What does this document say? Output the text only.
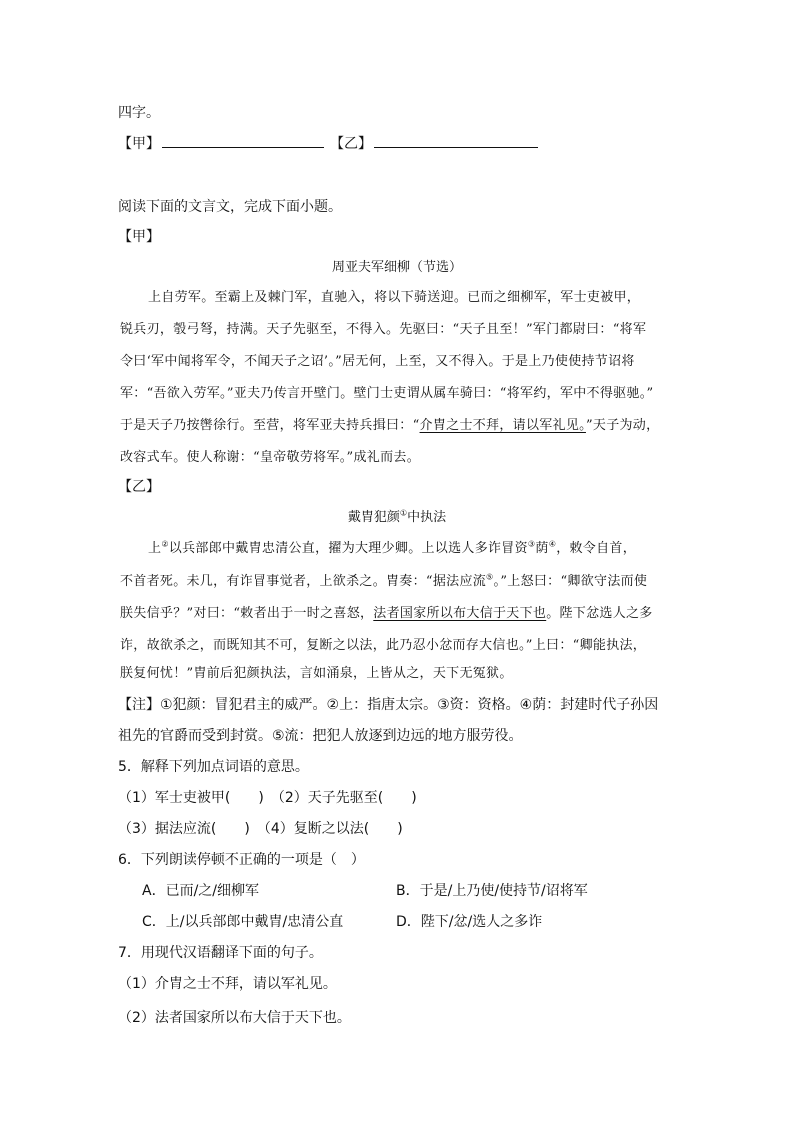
四字。
【甲】	【乙】
阅读下面的文言文，完成下面小题。
【甲】
周亚夫军细柳（节选）
上自劳军。至霸上及棘门军，直驰入，将以下骑送迎。已而之细柳军，军士吏被甲，
锐兵刃，彀弓弩，持满。天子先驱至，不得入。先驱曰：“天子且至！”军门都尉曰：“将军
令曰‘军中闻将军令，不闻天子之诏’。”居无何，上至，又不得入。于是上乃使使持节诏将
军：“吾欲入劳军。”亚夫乃传言开壁门。壁门士吏谓从属车骑曰：“将军约，军中不得驱驰。”
于是天子乃按辔徐行。至营，将军亚夫持兵揖曰：“介胄之士不拜，请以军礼见。”天子为动，
改容式车。使人称谢：“皇帝敬劳将军。”成礼而去。
【乙】
戴胄犯颜①中执法
上②以兵部郎中戴胄忠清公直，擢为大理少卿。上以选人多诈冒资③荫④，敕令自首，
不首者死。未几，有诈冒事觉者，上欲杀之。胄奏：“据法应流⑤。”上怒曰：“卿欲守法而使
朕失信乎？”对曰：“敕者出于一时之喜怒，法者国家所以布大信于天下也。陛下忿选人之多
诈，故欲杀之，而既知其不可，复断之以法，此乃忍小忿而存大信也。”上曰：“卿能执法，
朕复何忧！”胄前后犯颜执法，言如涌泉，上皆从之，天下无冤狱。
【注】①犯颜：冒犯君主的威严。②上：指唐太宗。③资：资格。④荫：封建时代子孙因
祖先的官爵而受到封赏。⑤流：把犯人放逐到边远的地方服劳役。
5．解释下列加点词语的意思。
（1）军士吏被甲(　　)　（2）天子先驱至(　　)
（3）据法应流(　　)　（4）复断之以法(　　)
6．下列朗读停顿不正确的一项是（　）
A．已而/之/细柳军	B．于是/上乃使/使持节/诏将军
C．上/以兵部郎中戴胄/忠清公直	D．陛下/忿/选人之多诈
7．用现代汉语翻译下面的句子。
（1）介胄之士不拜，请以军礼见。
（2）法者国家所以布大信于天下也。
